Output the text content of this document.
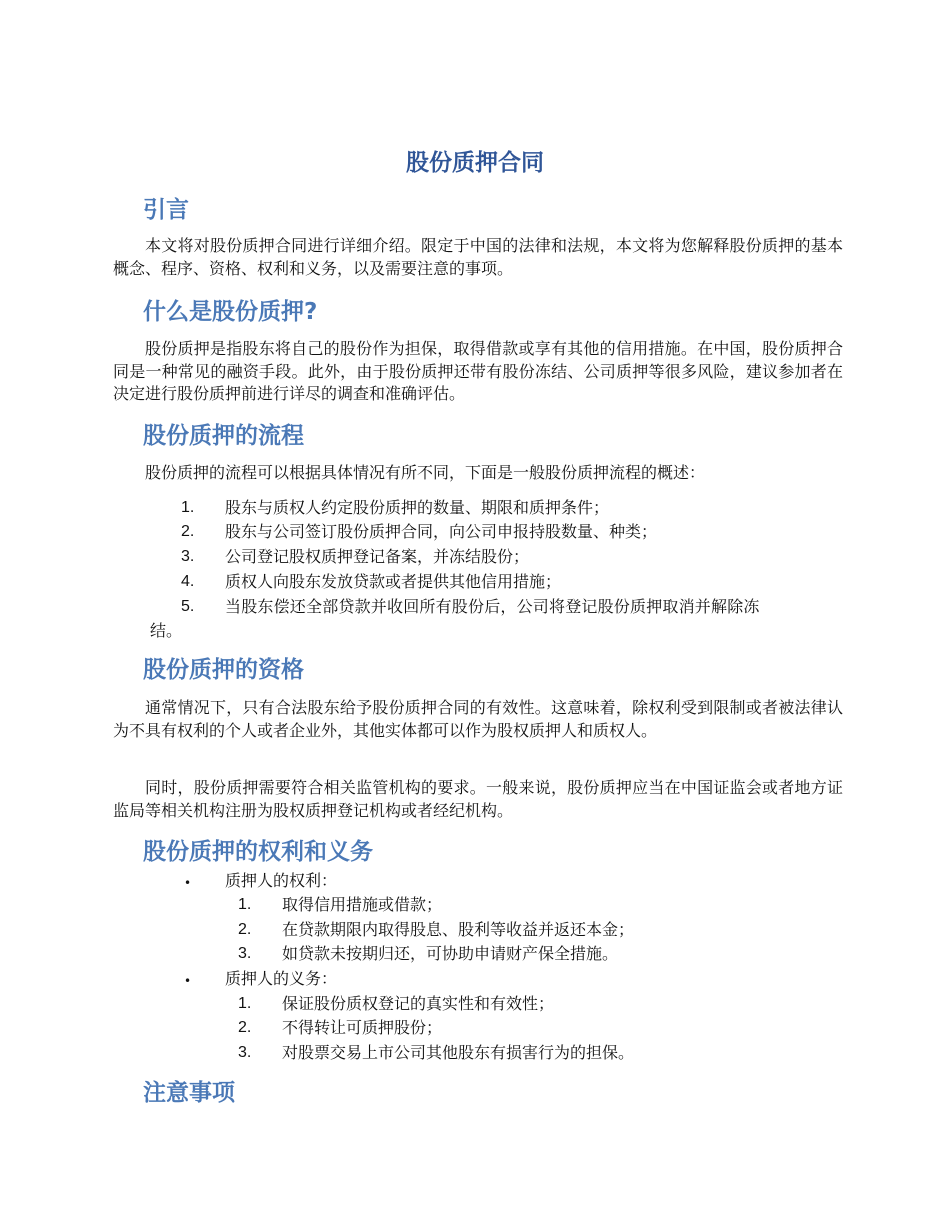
股份质押合同
引言

本文将对股份质押合同进行详细介绍。限定于中国的法律和法规，本文将为您解释股份质押的基本概念、程序、资格、权利和义务，以及需要注意的事项。

什么是股份质押?

股份质押是指股东将自己的股份作为担保，取得借款或享有其他的信用措施。在中国，股份质押合同是一种常见的融资手段。此外，由于股份质押还带有股份冻结、公司质押等很多风险，建议参加者在决定进行股份质押前进行详尽的调查和准确评估。

股份质押的流程

股份质押的流程可以根据具体情况有所不同，下面是一般股份质押流程的概述：

1. 股东与质权人约定股份质押的数量、期限和质押条件；
2. 股东与公司签订股份质押合同，向公司申报持股数量、种类；
3. 公司登记股权质押登记备案，并冻结股份；
4. 质权人向股东发放贷款或者提供其他信用措施；
5. 当股东偿还全部贷款并收回所有股份后，公司将登记股份质押取消并解除冻
结。
股份质押的资格

通常情况下，只有合法股东给予股份质押合同的有效性。这意味着，除权利受到限制或者被法律认为不具有权利的个人或者企业外，其他实体都可以作为股权质押人和质权人。

同时，股份质押需要符合相关监管机构的要求。一般来说，股份质押应当在中国证监会或者地方证监局等相关机构注册为股权质押登记机构或者经纪机构。

股份质押的权利和义务
• 质押人的权利：
1. 取得信用措施或借款；
2. 在贷款期限内取得股息、股利等收益并返还本金；
3. 如贷款未按期归还，可协助申请财产保全措施。
• 质押人的义务：
1. 保证股份质权登记的真实性和有效性；
2. 不得转让可质押股份；
3. 对股票交易上市公司其他股东有损害行为的担保。
注意事项
